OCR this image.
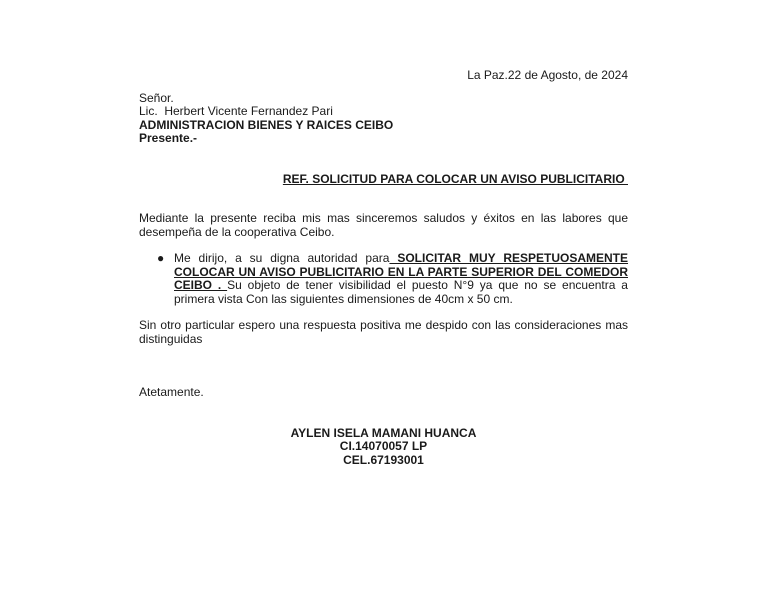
La Paz.22 de Agosto, de 2024

Señor.
Lic.  Herbert Vicente Fernandez Pari
ADMINISTRACION BIENES Y RAICES CEIBO
Presente.-
REF. SOLICITUD PARA COLOCAR UN AVISO PUBLICITARIO
Mediante la presente reciba mis mas sinceremos saludos y éxitos en las labores que desempeña de la cooperativa Ceibo.
● Me dirijo, a su digna autoridad para SOLICITAR MUY RESPETUOSAMENTE COLOCAR UN AVISO PUBLICITARIO EN LA PARTE SUPERIOR DEL COMEDOR CEIBO . Su objeto de tener visibilidad el puesto N°9 ya que no se encuentra a primera vista Con las siguientes dimensiones de 40cm x 50 cm.
Sin otro particular espero una respuesta positiva me despido con las consideraciones mas distinguidas
Atetamente.
AYLEN ISELA MAMANI HUANCA
CI.14070057 LP
CEL.67193001
